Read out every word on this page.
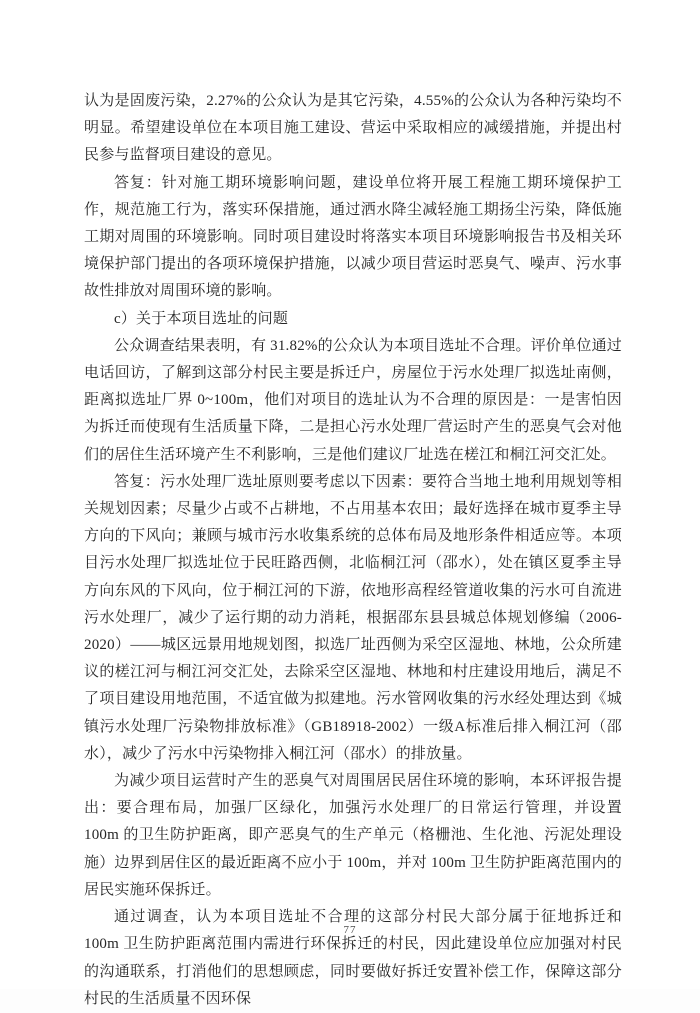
认为是固废污染，2.27%的公众认为是其它污染，4.55%的公众认为各种污染均不明显。希望建设单位在本项目施工建设、营运中采取相应的减缓措施，并提出村民参与监督项目建设的意见。

答复：针对施工期环境影响问题，建设单位将开展工程施工期环境保护工作，规范施工行为，落实环保措施，通过洒水降尘减轻施工期扬尘污染，降低施工期对周围的环境影响。同时项目建设时将落实本项目环境影响报告书及相关环境保护部门提出的各项环境保护措施，以减少项目营运时恶臭气、噪声、污水事故性排放对周围环境的影响。

c）关于本项目选址的问题

公众调查结果表明，有 31.82%的公众认为本项目选址不合理。评价单位通过电话回访，了解到这部分村民主要是拆迁户，房屋位于污水处理厂拟选址南侧，距离拟选址厂界 0~100m，他们对项目的选址认为不合理的原因是：一是害怕因为拆迁而使现有生活质量下降，二是担心污水处理厂营运时产生的恶臭气会对他们的居住生活环境产生不利影响，三是他们建议厂址选在槎江和桐江河交汇处。

答复：污水处理厂选址原则要考虑以下因素：要符合当地土地利用规划等相关规划因素；尽量少占或不占耕地，不占用基本农田；最好选择在城市夏季主导方向的下风向；兼顾与城市污水收集系统的总体布局及地形条件相适应等。本项目污水处理厂拟选址位于民旺路西侧，北临桐江河（邵水），处在镇区夏季主导方向东风的下风向，位于桐江河的下游，依地形高程经管道收集的污水可自流进污水处理厂，减少了运行期的动力消耗，根据邵东县县城总体规划修编（2006-2020）——城区远景用地规划图，拟选厂址西侧为采空区湿地、林地，公众所建议的槎江河与桐江河交汇处，去除采空区湿地、林地和村庄建设用地后，满足不了项目建设用地范围，不适宜做为拟建地。污水管网收集的污水经处理达到《城镇污水处理厂污染物排放标准》（GB18918-2002）一级A标准后排入桐江河（邵水），减少了污水中污染物排入桐江河（邵水）的排放量。

为减少项目运营时产生的恶臭气对周围居民居住环境的影响，本环评报告提出：要合理布局，加强厂区绿化，加强污水处理厂的日常运行管理，并设置 100m 的卫生防护距离，即产恶臭气的生产单元（格栅池、生化池、污泥处理设施）边界到居住区的最近距离不应小于 100m，并对 100m 卫生防护距离范围内的居民实施环保拆迁。

通过调查，认为本项目选址不合理的这部分村民大部分属于征地拆迁和 100m 卫生防护距离范围内需进行环保拆迁的村民，因此建设单位应加强对村民的沟通联系，打消他们的思想顾虑，同时要做好拆迁安置补偿工作，保障这部分村民的生活质量不因环保

77
